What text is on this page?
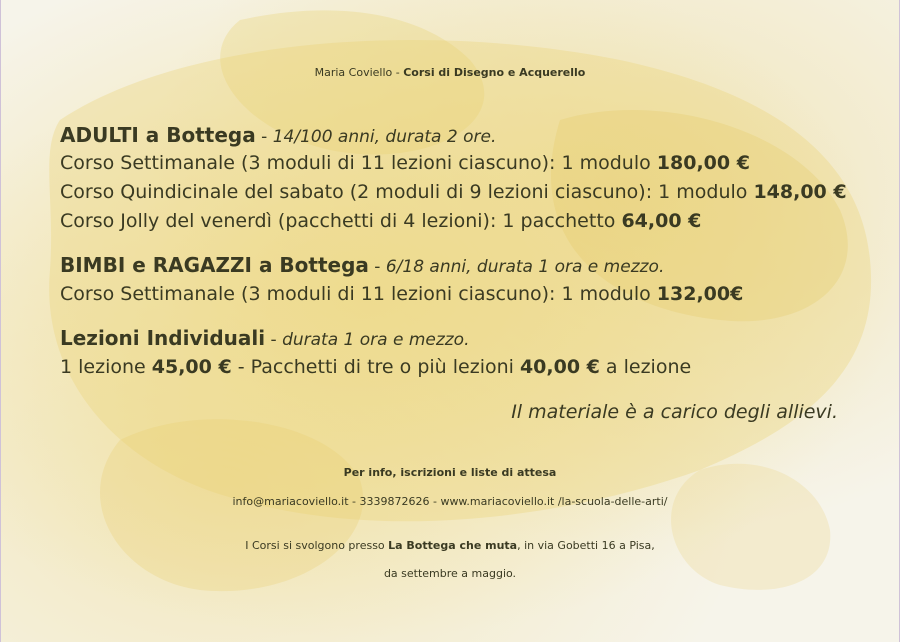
Maria Coviello - Corsi di Disegno e Acquerello
ADULTI a Bottega - 14/100 anni, durata 2 ore.
Corso Settimanale (3 moduli di 11 lezioni ciascuno): 1 modulo 180,00 €
Corso Quindicinale del sabato (2 moduli di 9 lezioni ciascuno): 1 modulo 148,00 €
Corso Jolly del venerdì (pacchetti di 4 lezioni): 1 pacchetto 64,00 €
BIMBI e RAGAZZI a Bottega - 6/18 anni, durata 1 ora e mezzo.
Corso Settimanale (3 moduli di 11 lezioni ciascuno): 1 modulo 132,00€
Lezioni Individuali - durata 1 ora e mezzo.
1 lezione 45,00 € - Pacchetti di tre o più lezioni 40,00 € a lezione
Il materiale è a carico degli allievi.
Per info, iscrizioni e liste di attesa
info@mariacoviello.it - 3339872626 - www.mariacoviello.it /la-scuola-delle-arti/
I Corsi si svolgono presso La Bottega che muta, in via Gobetti 16 a Pisa,
da settembre a maggio.
